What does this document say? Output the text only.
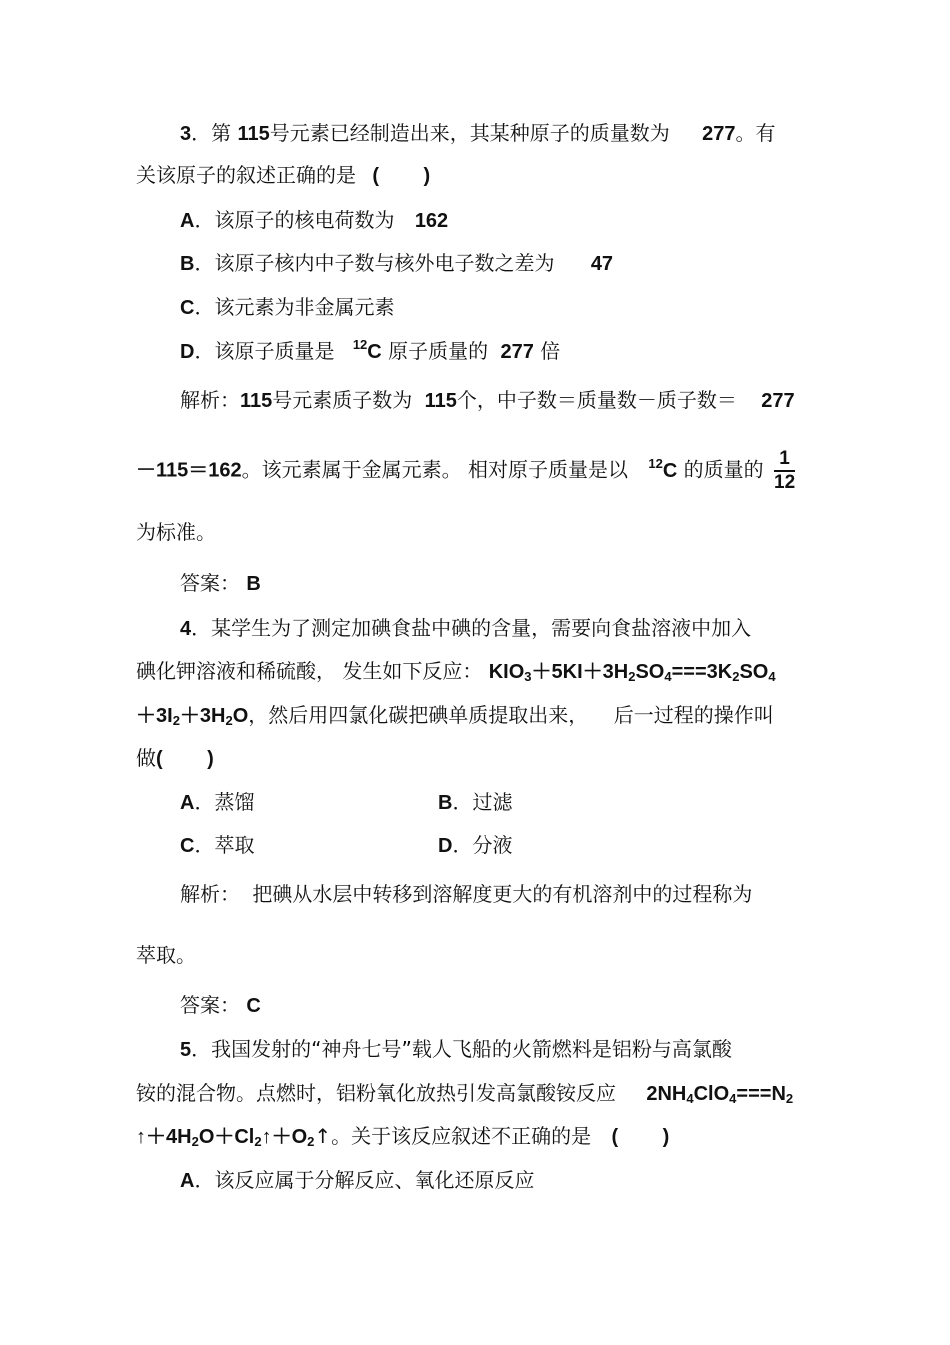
3．第 115号元素已经制造出来，其某种原子的质量数为 277。有
关该原子的叙述正确的是 (        )
A．该原子的核电荷数为 162
B．该原子核内中子数与核外电子数之差为 47
C．该元素为非金属元素
D．该原子质量是 $^{12}$C 原子质量的 277 倍
解析：115号元素质子数为 115个，中子数＝质量数－质子数＝ 277
－115＝162。该元素属于金属元素。 相对原子质量是以 $^{12}$C 的质量的 $\frac{1}{12}$
为标准。
答案： B
4．某学生为了测定加碘食盐中碘的含量，需要向食盐溶液中加入
碘化钾溶液和稀硫酸， 发生如下反应： $KIO_3+5KI+3H_2SO_4===3K_2SO_4$
$+3I_2+3H_2O$，然后用四氯化碳把碘单质提取出来，    后一过程的操作叫
做(        )
A．蒸馏	B．过滤
C．萃取	D．分液
解析： 把碘从水层中转移到溶解度更大的有机溶剂中的过程称为
萃取。
答案： C
5．我国发射的“神舟七号”载人飞船的火箭燃料是铝粉与高氯酸
铵的混合物。点燃时，铝粉氧化放热引发高氯酸铵反应 $2NH_4ClO_4===N_2$
$↑+4H_2O+Cl_2↑+O_2↑$。关于该反应叙述不正确的是 (        )
A．该反应属于分解反应、氧化还原反应
